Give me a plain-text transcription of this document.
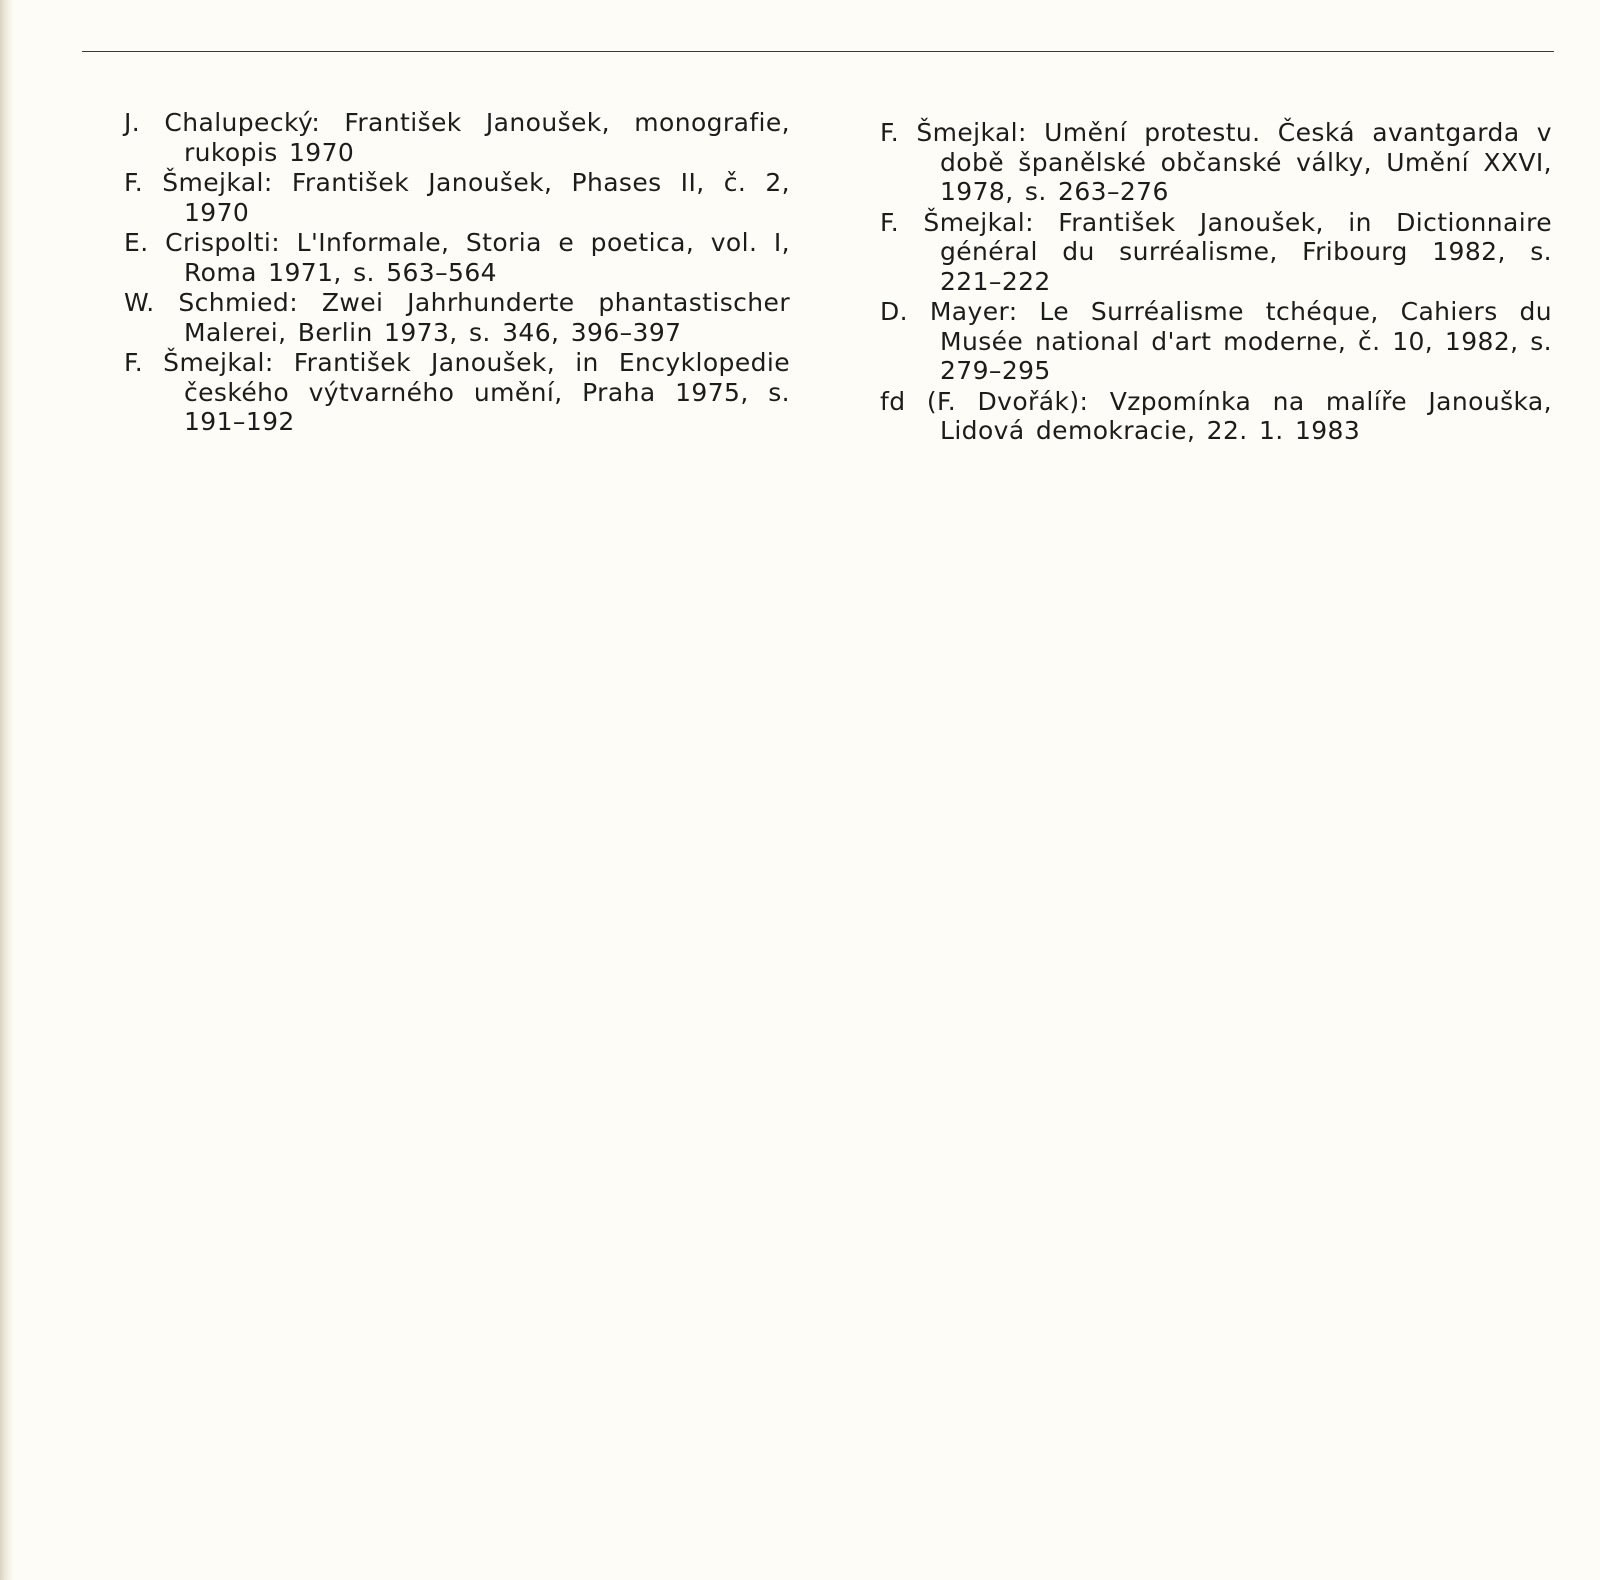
J. Chalupecký: František Janoušek, monografie, rukopis 1970

F. Šmejkal: František Janoušek, Phases II, č. 2, 1970

E. Crispolti: L'Informale, Storia e poetica, vol. I, Roma 1971, s. 563–564

W. Schmied: Zwei Jahrhunderte phantastischer Malerei, Berlin 1973, s. 346, 396–397

F. Šmejkal: František Janoušek, in Encyklopedie českého výtvarného umění, Praha 1975, s. 191–192

F. Šmejkal: Umění protestu. Česká avantgarda v době španělské občanské války, Umění XXVI, 1978, s. 263–276

F. Šmejkal: František Janoušek, in Dictionnaire général du surréalisme, Fribourg 1982, s. 221–222

D. Mayer: Le Surréalisme tchéque, Cahiers du Musée national d'art moderne, č. 10, 1982, s. 279–295

fd (F. Dvořák): Vzpomínka na malíře Janouška, Lidová demokracie, 22. 1. 1983
